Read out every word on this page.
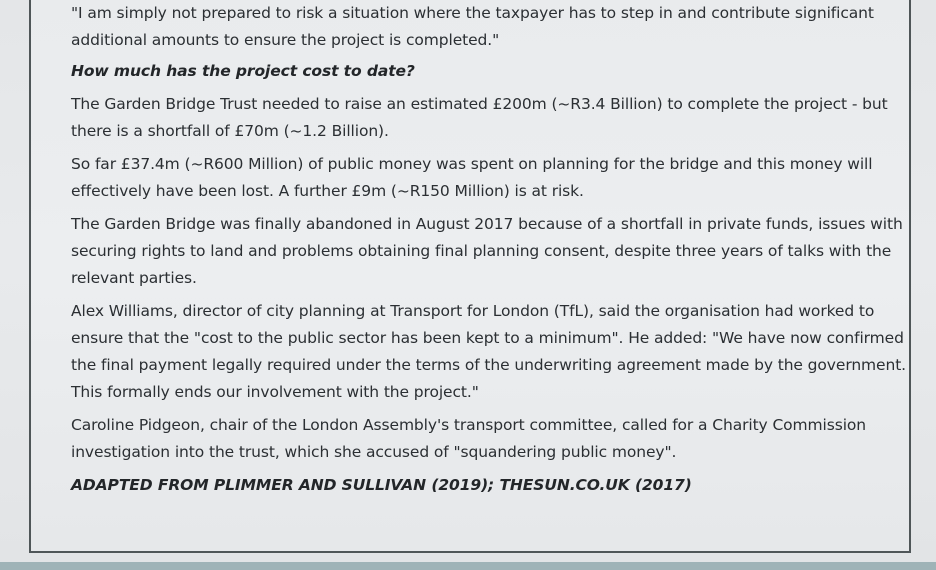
"I am simply not prepared to risk a situation where the taxpayer has to step in and contribute significant additional amounts to ensure the project is completed."

How much has the project cost to date?

The Garden Bridge Trust needed to raise an estimated £200m (~R3.4 Billion) to complete the project - but there is a shortfall of £70m (~1.2 Billion).

So far £37.4m (~R600 Million) of public money was spent on planning for the bridge and this money will effectively have been lost. A further £9m (~R150 Million) is at risk.

The Garden Bridge was finally abandoned in August 2017 because of a shortfall in private funds, issues with securing rights to land and problems obtaining final planning consent, despite three years of talks with the relevant parties.

Alex Williams, director of city planning at Transport for London (TfL), said the organisation had worked to ensure that the "cost to the public sector has been kept to a minimum". He added: "We have now confirmed the final payment legally required under the terms of the underwriting agreement made by the government. This formally ends our involvement with the project."

Caroline Pidgeon, chair of the London Assembly's transport committee, called for a Charity Commission investigation into the trust, which she accused of "squandering public money".

ADAPTED FROM PLIMMER AND SULLIVAN (2019); THESUN.CO.UK (2017)
